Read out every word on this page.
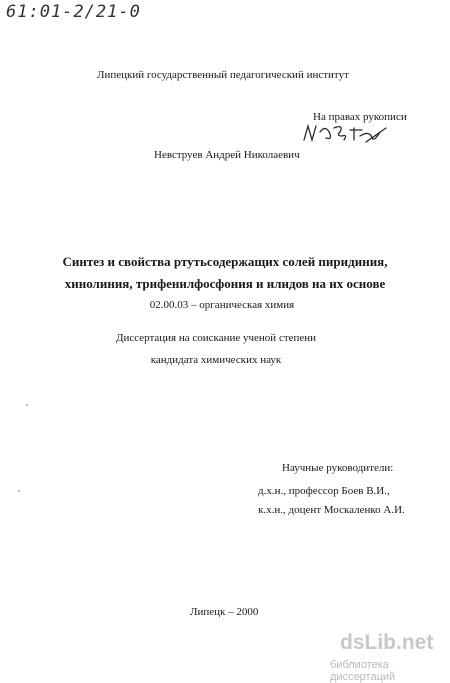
61:01-2/21-0
Липецкий государственный педагогический институт
На правах рукописи
Невструев Андрей Николаевич
Синтез и свойства ртутьсодержащих солей пиридиния,
хинолиния, трифенилфосфония и илидов на их основе
02.00.03 – органическая химия
Диссертация на соискание ученой степени
кандидата химических наук
Научные руководители:
д.х.н., профессор Боев В.И.,
к.х.н., доцент Москаленко А.И.
Липецк – 2000
dsLib.net
библиотека диссертаций
